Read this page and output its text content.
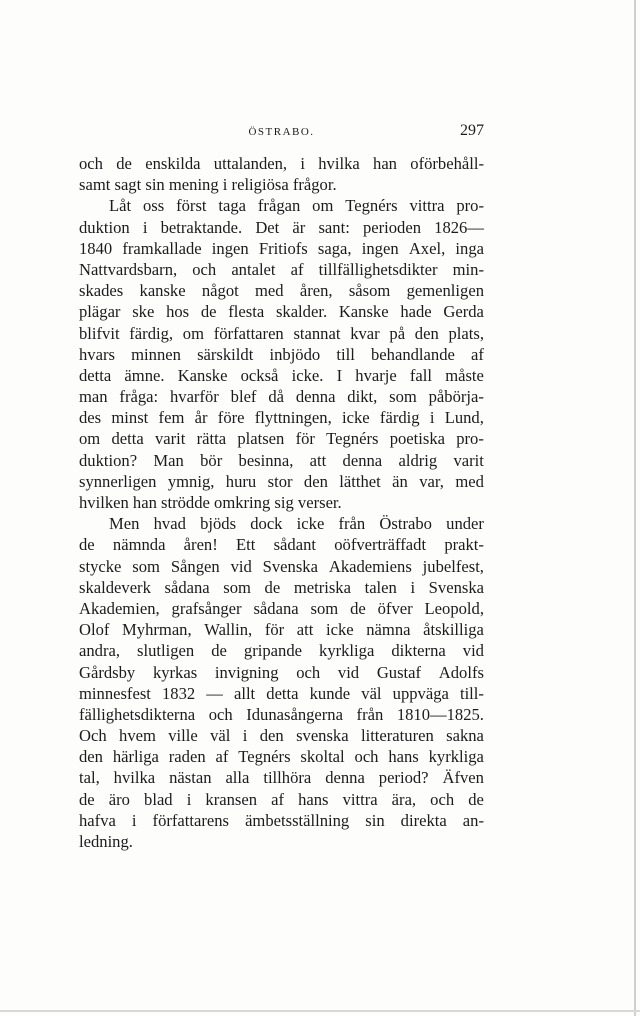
ÖSTRABO.	297
och de enskilda uttalanden, i hvilka han oförbehåll-
samt sagt sin mening i religiösa frågor.
Låt oss först taga frågan om Tegnérs vittra pro-
duktion i betraktande. Det är sant: perioden 1826—
1840 framkallade ingen Fritiofs saga, ingen Axel, inga
Nattvardsbarn, och antalet af tillfällighetsdikter min-
skades kanske något med åren, såsom gemenligen
plägar ske hos de flesta skalder. Kanske hade Gerda
blifvit färdig, om författaren stannat kvar på den plats,
hvars minnen särskildt inbjödo till behandlande af
detta ämne. Kanske också icke. I hvarje fall måste
man fråga: hvarför blef då denna dikt, som påbörja-
des minst fem år före flyttningen, icke färdig i Lund,
om detta varit rätta platsen för Tegnérs poetiska pro-
duktion? Man bör besinna, att denna aldrig varit
synnerligen ymnig, huru stor den lätthet än var, med
hvilken han strödde omkring sig verser.
Men hvad bjöds dock icke från Östrabo under
de nämnda åren! Ett sådant oöfverträffadt prakt-
stycke som Sången vid Svenska Akademiens jubelfest,
skaldeverk sådana som de metriska talen i Svenska
Akademien, grafsånger sådana som de öfver Leopold,
Olof Myhrman, Wallin, för att icke nämna åtskilliga
andra, slutligen de gripande kyrkliga dikterna vid
Gårdsby kyrkas invigning och vid Gustaf Adolfs
minnesfest 1832 — allt detta kunde väl uppväga till-
fällighetsdikterna och Idunasångerna från 1810—1825.
Och hvem ville väl i den svenska litteraturen sakna
den härliga raden af Tegnérs skoltal och hans kyrkliga
tal, hvilka nästan alla tillhöra denna period? Äfven
de äro blad i kransen af hans vittra ära, och de
hafva i författarens ämbetsställning sin direkta an-
ledning.
